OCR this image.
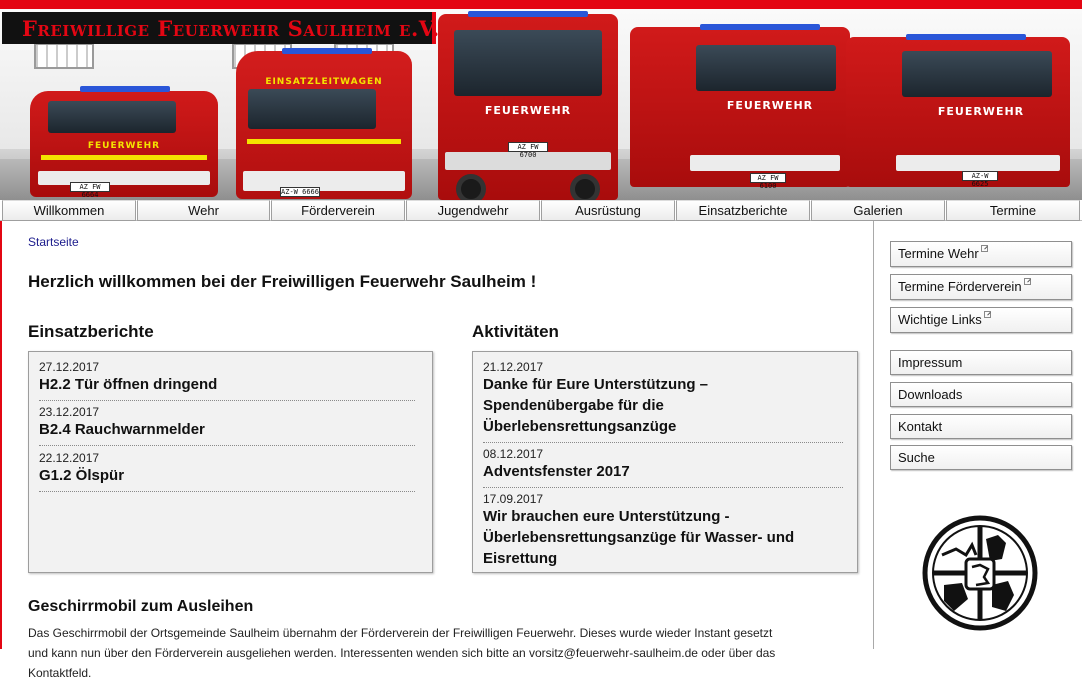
FEUERWEHR
AZ FW 6664
EINSATZLEITWAGEN
AZ-W 6666
FEUERWEHR
AZ FW 6700
FEUERWEHR
AZ FW 6100
FEUERWEHR
AZ-W 6625
Freiwillige Feuerwehr Saulheim e.V.
Willkommen	Wehr	Förderverein	Jugendwehr	Ausrüstung	Einsatzberichte	Galerien	Termine
Startseite
Herzlich willkommen bei der Freiwilligen Feuerwehr Saulheim !
Einsatzberichte	Aktivitäten
27.12.2017
H2.2 Tür öffnen dringend
23.12.2017
B2.4 Rauchwarnmelder
22.12.2017
G1.2 Ölspür
21.12.2017
Danke für Eure Unterstützung – Spendenübergabe für die Überlebensrettungsanzüge
08.12.2017
Adventsfenster 2017
17.09.2017
Wir brauchen eure Unterstützung - Überlebensrettungsanzüge für Wasser- und Eisrettung
Geschirrmobil zum Ausleihen
Das Geschirrmobil der Ortsgemeinde Saulheim übernahm der Förderverein der Freiwilligen Feuerwehr. Dieses wurde wieder Instant gesetzt und kann nun über den Förderverein ausgeliehen werden. Interessenten wenden sich bitte an vorsitz@feuerwehr-saulheim.de oder über das Kontaktfeld.
Termine Wehr
Termine Förderverein
Wichtige Links
Impressum
Downloads
Kontakt
Suche
